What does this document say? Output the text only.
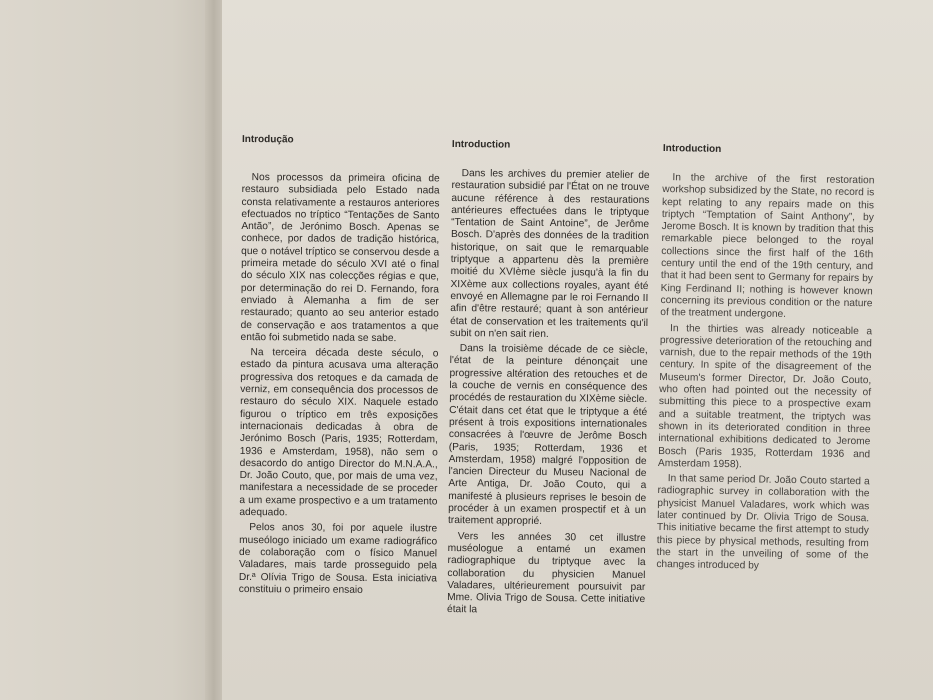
Introdução

Nos processos da primeira oficina de restauro subsidiada pelo Estado nada consta relativamente a restauros anteriores efectuados no tríptico “Tentações de Santo Antão”, de Jerónimo Bosch. Apenas se conhece, por dados de tradição histórica, que o notável tríptico se conservou desde a primeira metade do século XVI até o final do século XIX nas colecções régias e que, por determinação do rei D. Fernando, fora enviado à Alemanha a fim de ser restaurado; quanto ao seu anterior estado de conservação e aos tratamentos a que então foi submetido nada se sabe.

Na terceira década deste século, o estado da pintura acusava uma alteração progressiva dos retoques e da camada de verniz, em consequência dos processos de restauro do século XIX. Naquele estado figurou o tríptico em três exposições internacionais dedicadas à obra de Jerónimo Bosch (Paris, 1935; Rotterdam, 1936 e Amsterdam, 1958), não sem o desacordo do antigo Director do M.N.A.A., Dr. João Couto, que, por mais de uma vez, manifestara a necessidade de se proceder a um exame prospectivo e a um tratamento adequado.

Pelos anos 30, foi por aquele ilustre museólogo iniciado um exame radiográfico de colaboração com o físico Manuel Valadares, mais tarde prosseguido pela Dr.ª Olívia Trigo de Sousa. Esta iniciativa constituiu o primeiro ensaio

Introduction

Dans les archives du premier atelier de restauration subsidié par l'État on ne trouve aucune référence à des restaurations antérieures effectuées dans le triptyque “Tentation de Saint Antoine”, de Jerôme Bosch. D'après des données de la tradition historique, on sait que le remarquable triptyque a appartenu dès la première moitié du XVIème siècle jusqu'à la fin du XIXème aux collections royales, ayant été envoyé en Allemagne par le roi Fernando II afin d'être restauré; quant à son antérieur état de conservation et les traitements qu'il subit on n'en sait rien.

Dans la troisième décade de ce siècle, l'état de la peinture dénonçait une progressive altération des retouches et de la couche de vernis en conséquence des procédés de restauration du XIXème siècle. C'était dans cet état que le triptyque a été présent à trois expositions internationales consacrées à l'œuvre de Jerôme Bosch (Paris, 1935; Rotterdam, 1936 et Amsterdam, 1958) malgré l'opposition de l'ancien Directeur du Museu Nacional de Arte Antiga, Dr. João Couto, qui a manifesté à plusieurs reprises le besoin de procéder à un examen prospectif et à un traitement approprié.

Vers les années 30 cet illustre muséologue a entamé un examen radiographique du triptyque avec la collaboration du physicien Manuel Valadares, ultérieurement poursuivit par Mme. Olivia Trigo de Sousa. Cette initiative était la

Introduction

In the archive of the first restoration workshop subsidized by the State, no record is kept relating to any repairs made on this triptych “Temptation of Saint Anthony”, by Jerome Bosch. It is known by tradition that this remarkable piece belonged to the royal collections since the first half of the 16th century until the end of the 19th century, and that it had been sent to Germany for repairs by King Ferdinand II; nothing is however known concerning its previous condition or the nature of the treatment undergone.

In the thirties was already noticeable a progressive deterioration of the retouching and varnish, due to the repair methods of the 19th century. In spite of the disagreement of the Museum's former Director, Dr. João Couto, who often had pointed out the necessity of submitting this piece to a prospective exam and a suitable treatment, the triptych was shown in its deteriorated condition in three international exhibitions dedicated to Jerome Bosch (Paris 1935, Rotterdam 1936 and Amsterdam 1958).

In that same period Dr. João Couto started a radiographic survey in collaboration with the physicist Manuel Valadares, work which was later continued by Dr. Olivia Trigo de Sousa. This initiative became the first attempt to study this piece by physical methods, resulting from the start in the unveiling of some of the changes introduced by
